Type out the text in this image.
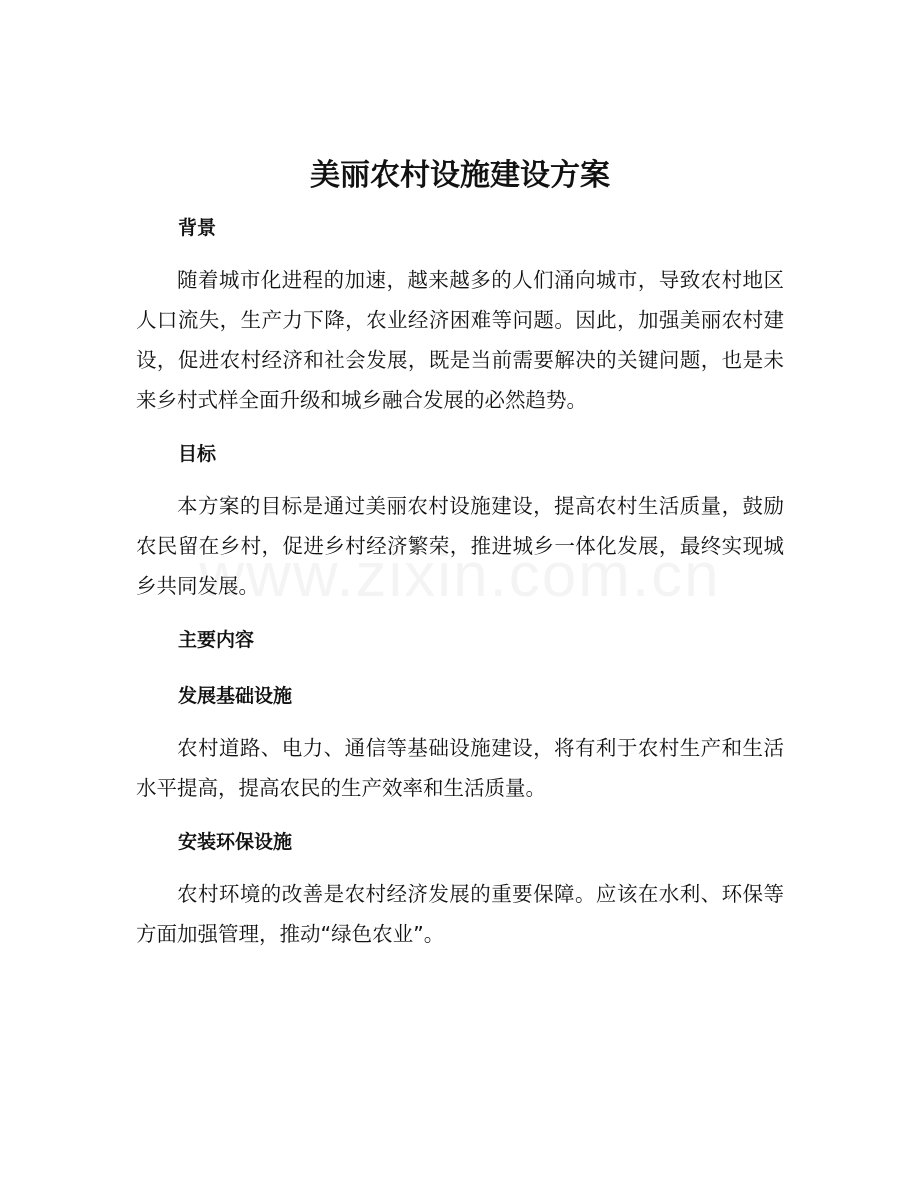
美丽农村设施建设方案
背景

随着城市化进程的加速，越来越多的人们涌向城市，导致农村地区人口流失，生产力下降，农业经济困难等问题。因此，加强美丽农村建设，促进农村经济和社会发展，既是当前需要解决的关键问题，也是未来乡村式样全面升级和城乡融合发展的必然趋势。

目标

本方案的目标是通过美丽农村设施建设，提高农村生活质量，鼓励农民留在乡村，促进乡村经济繁荣，推进城乡一体化发展，最终实现城乡共同发展。

主要内容
发展基础设施

农村道路、电力、通信等基础设施建设，将有利于农村生产和生活水平提高，提高农民的生产效率和生活质量。

安装环保设施

农村环境的改善是农村经济发展的重要保障。应该在水利、环保等方面加强管理，推动“绿色农业”。
